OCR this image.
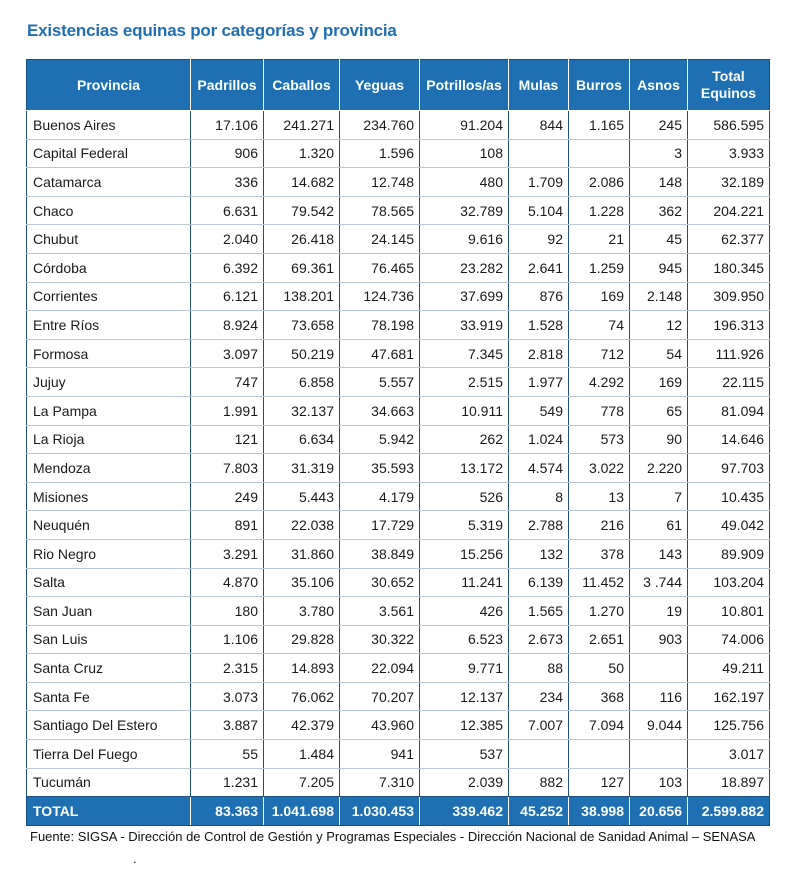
Existencias equinas por categorías y provincia
Provincia	Padrillos	Caballos	Yeguas	Potrillos/as	Mulas	Burros	Asnos	Total
Equinos
Buenos Aires	17.106	241.271	234.760	91.204	844	1.165	245	586.595
Capital Federal	906	1.320	1.596	108			3	3.933
Catamarca	336	14.682	12.748	480	1.709	2.086	148	32.189
Chaco	6.631	79.542	78.565	32.789	5.104	1.228	362	204.221
Chubut	2.040	26.418	24.145	9.616	92	21	45	62.377
Córdoba	6.392	69.361	76.465	23.282	2.641	1.259	945	180.345
Corrientes	6.121	138.201	124.736	37.699	876	169	2.148	309.950
Entre Ríos	8.924	73.658	78.198	33.919	1.528	74	12	196.313
Formosa	3.097	50.219	47.681	7.345	2.818	712	54	111.926
Jujuy	747	6.858	5.557	2.515	1.977	4.292	169	22.115
La Pampa	1.991	32.137	34.663	10.911	549	778	65	81.094
La Rioja	121	6.634	5.942	262	1.024	573	90	14.646
Mendoza	7.803	31.319	35.593	13.172	4.574	3.022	2.220	97.703
Misiones	249	5.443	4.179	526	8	13	7	10.435
Neuquén	891	22.038	17.729	5.319	2.788	216	61	49.042
Rio Negro	3.291	31.860	38.849	15.256	132	378	143	89.909
Salta	4.870	35.106	30.652	11.241	6.139	11.452	3 .744	103.204
San Juan	180	3.780	3.561	426	1.565	1.270	19	10.801
San Luis	1.106	29.828	30.322	6.523	2.673	2.651	903	74.006
Santa Cruz	2.315	14.893	22.094	9.771	88	50		49.211
Santa Fe	3.073	76.062	70.207	12.137	234	368	116	162.197
Santiago Del Estero	3.887	42.379	43.960	12.385	7.007	7.094	9.044	125.756
Tierra Del Fuego	55	1.484	941	537				3.017
Tucumán	1.231	7.205	7.310	2.039	882	127	103	18.897
TOTAL	83.363	1.041.698	1.030.453	339.462	45.252	38.998	20.656	2.599.882
Fuente: SIGSA - Dirección de Control de Gestión y Programas Especiales - Dirección Nacional de Sanidad Animal – SENASA
.
